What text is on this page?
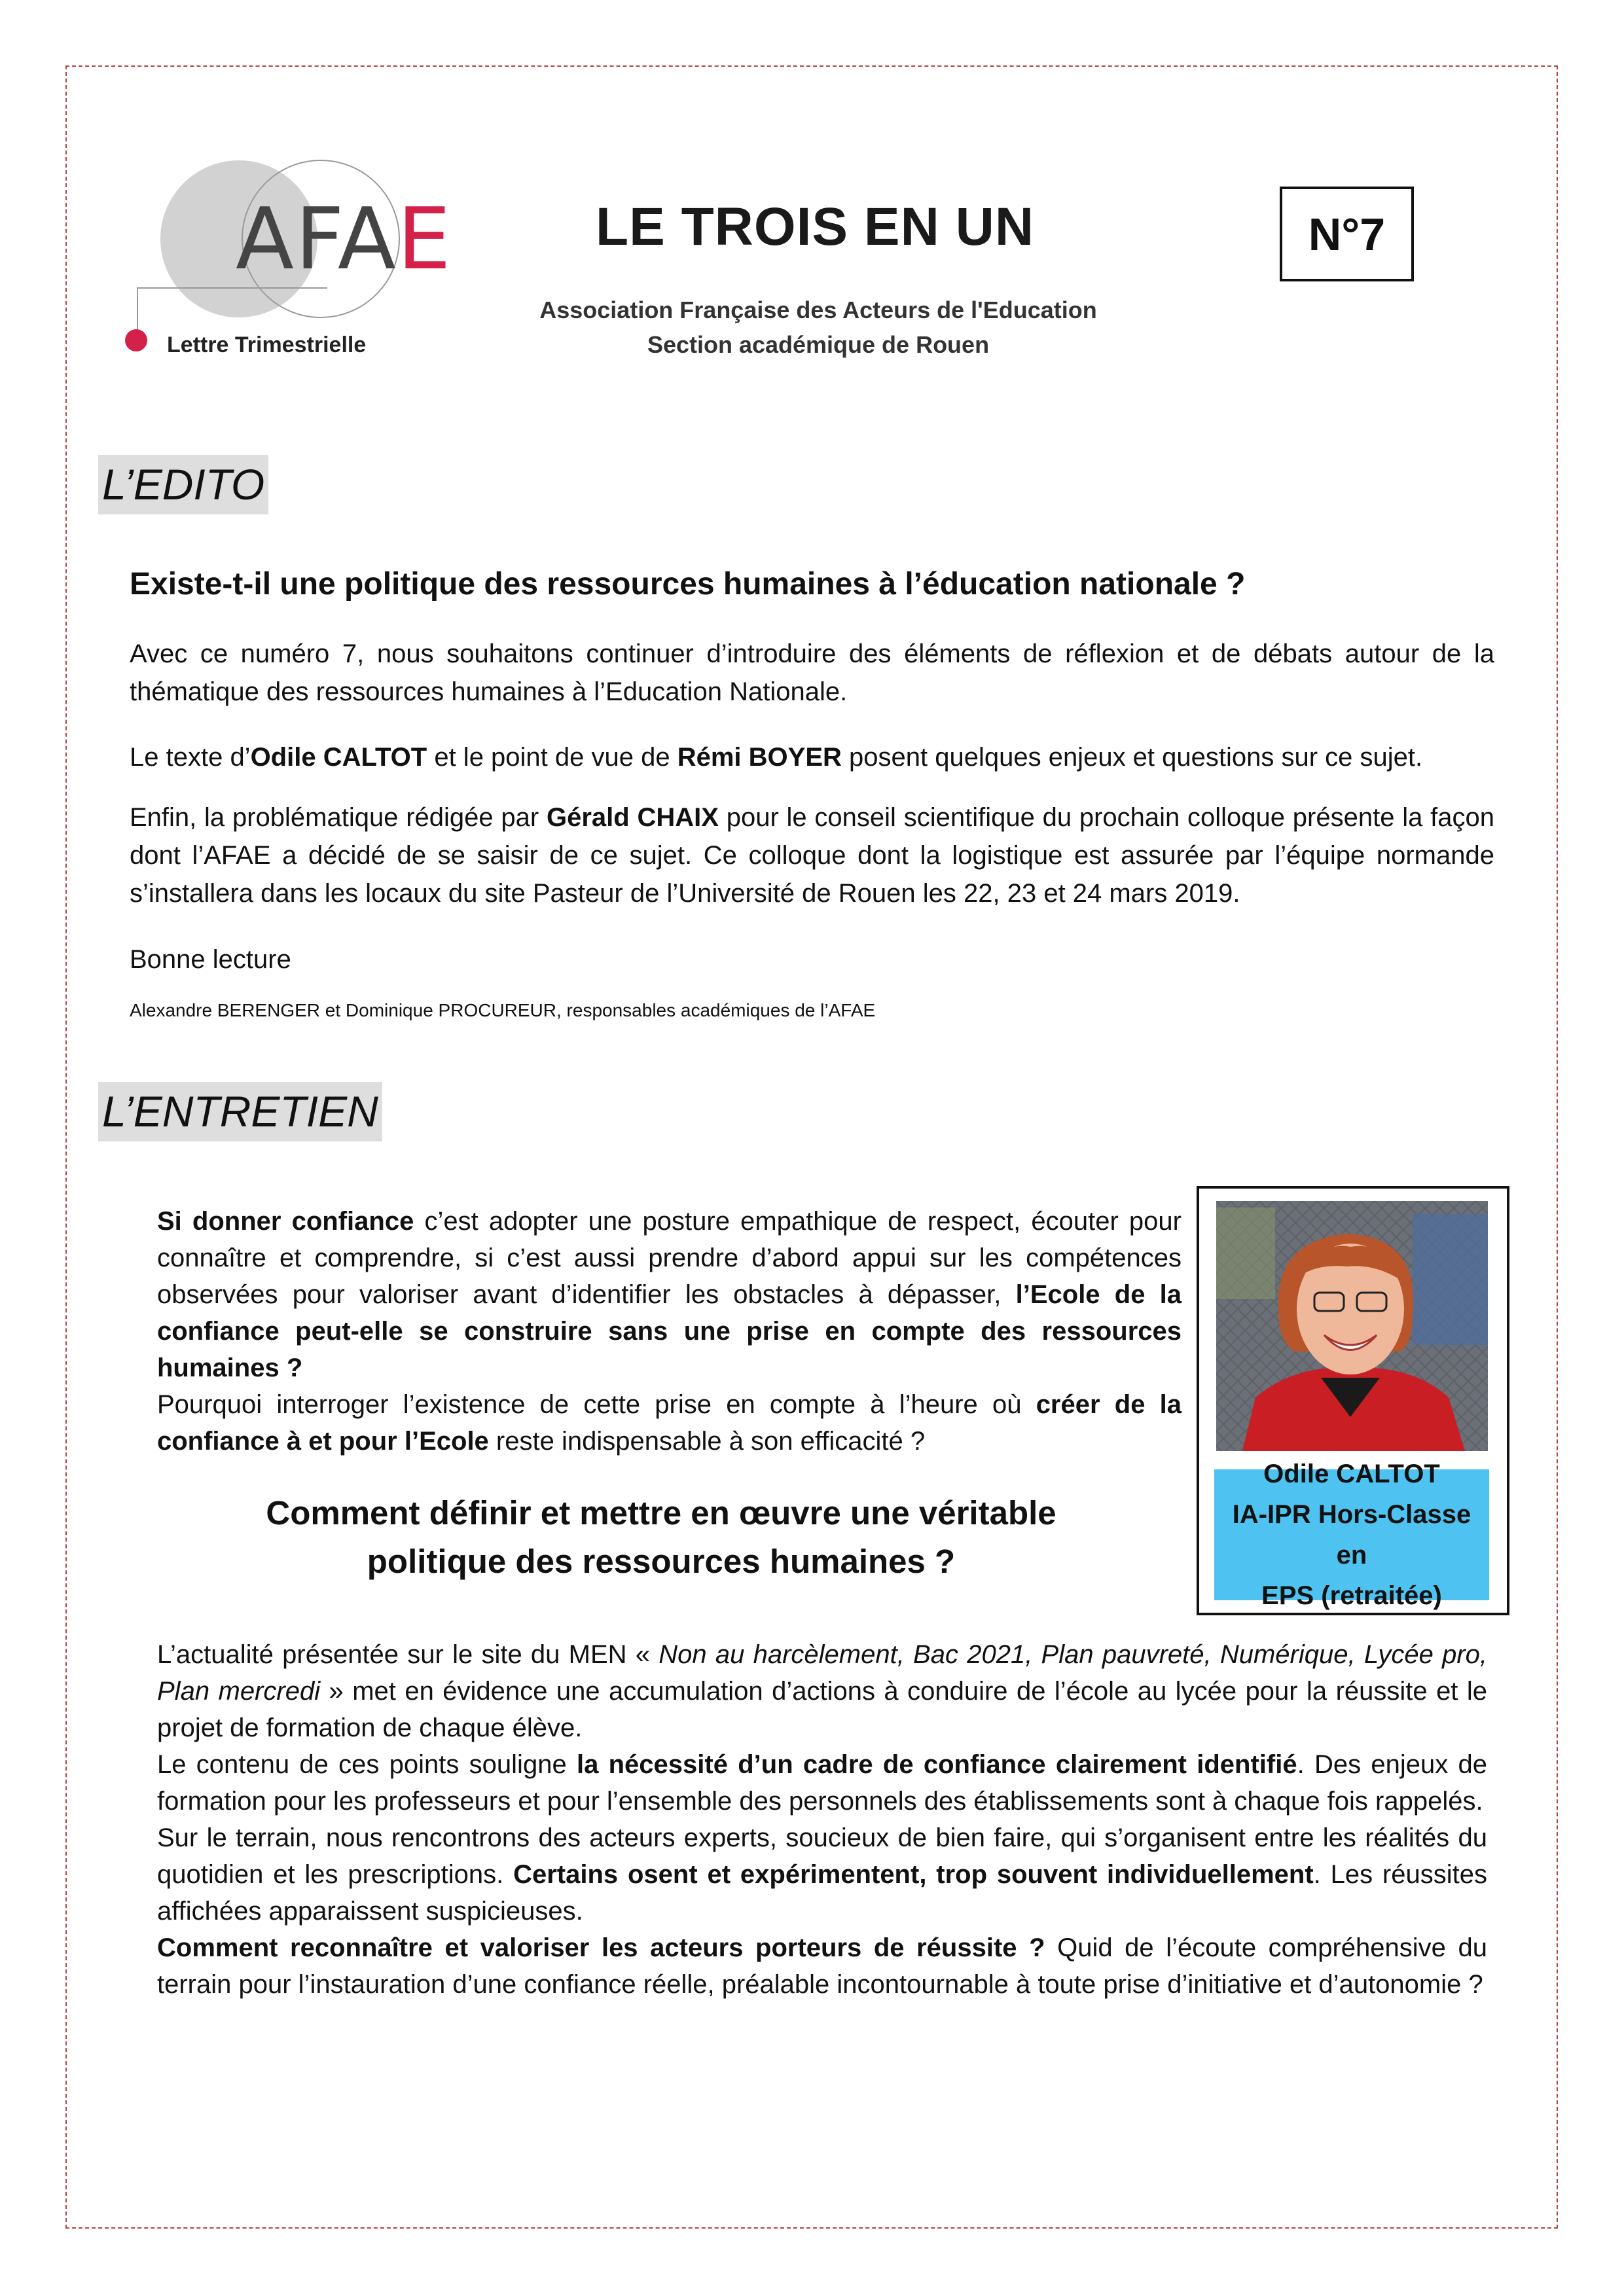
AFAE
Lettre Trimestrielle
LE TROIS EN UN
Association Française des Acteurs de l'Education
Section académique de Rouen
N°7
L’EDITO
Existe-t-il une politique des ressources humaines à l’éducation nationale ?
Avec ce numéro 7, nous souhaitons continuer d’introduire des éléments de réflexion et de débats autour de la thématique des ressources humaines à l’Education Nationale.
Le texte d’Odile CALTOT et le point de vue de Rémi BOYER posent quelques enjeux et questions sur ce sujet.
Enfin, la problématique rédigée par Gérald CHAIX pour le conseil scientifique du prochain colloque présente la façon dont l’AFAE a décidé de se saisir de ce sujet. Ce colloque dont la logistique est assurée par l’équipe normande s’installera dans les locaux du site Pasteur de l’Université de Rouen les 22, 23 et 24 mars 2019.
Bonne lecture
Alexandre BERENGER et Dominique PROCUREUR, responsables académiques de l’AFAE
L’ENTRETIEN
Si donner confiance c’est adopter une posture empathique de respect, écouter pour connaître et comprendre, si c’est aussi prendre d’abord appui sur les compétences observées pour valoriser avant d’identifier les obstacles à dépasser, l’Ecole de la confiance peut-elle se construire sans une prise en compte des ressources humaines ?
Pourquoi interroger l’existence de cette prise en compte à l’heure où créer de la confiance à et pour l’Ecole reste indispensable à son efficacité ?
Comment définir et mettre en œuvre une véritable politique des ressources humaines ?
Odile CALTOT
IA-IPR Hors-Classe en
EPS (retraitée)
L’actualité présentée sur le site du MEN « Non au harcèlement, Bac 2021, Plan pauvreté, Numérique, Lycée pro, Plan mercredi » met en évidence une accumulation d’actions à conduire de l’école au lycée pour la réussite et le projet de formation de chaque élève.
Le contenu de ces points souligne la nécessité d’un cadre de confiance clairement identifié. Des enjeux de formation pour les professeurs et pour l’ensemble des personnels des établissements sont à chaque fois rappelés.
Sur le terrain, nous rencontrons des acteurs experts, soucieux de bien faire, qui s’organisent entre les réalités du quotidien et les prescriptions. Certains osent et expérimentent, trop souvent individuellement. Les réussites affichées apparaissent suspicieuses.
Comment reconnaître et valoriser les acteurs porteurs de réussite ? Quid de l’écoute compréhensive du terrain pour l’instauration d’une confiance réelle, préalable incontournable à toute prise d’initiative et d’autonomie ?
